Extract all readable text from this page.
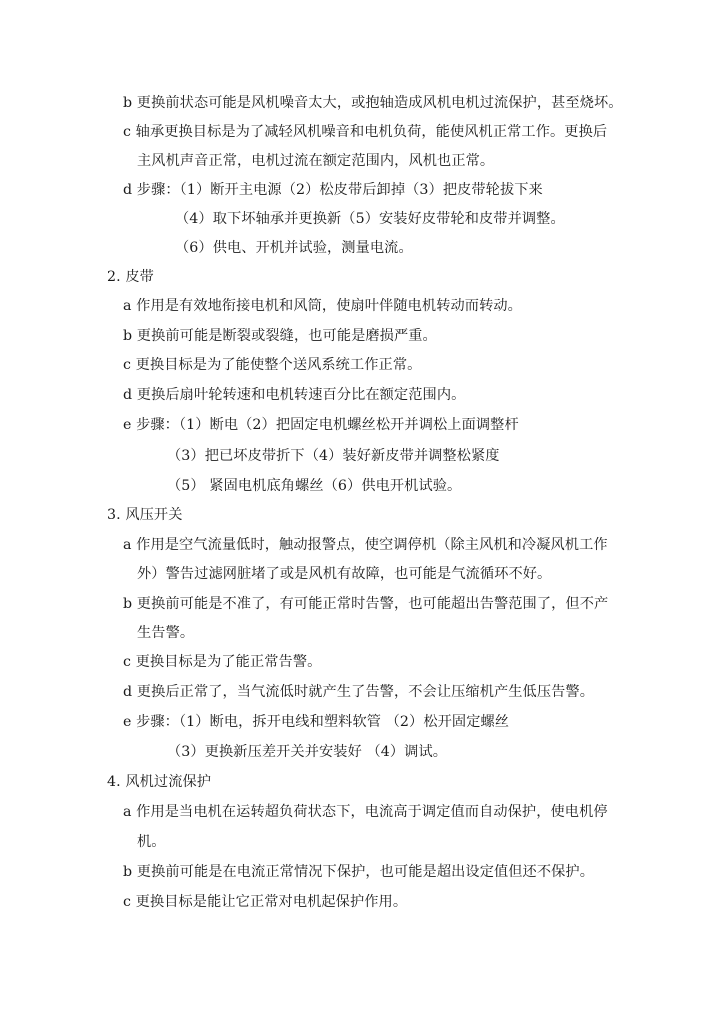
b 更换前状态可能是风机噪音太大，或抱轴造成风机电机过流保护，甚至烧坏。
c 轴承更换目标是为了减轻风机噪音和电机负荷，能使风机正常工作。更换后
主风机声音正常，电机过流在额定范围内，风机也正常。
d 步骤：（1）断开主电源（2）松皮带后卸掉（3）把皮带轮拔下来
（4）取下坏轴承并更换新（5）安装好皮带轮和皮带并调整。
（6）供电、开机并试验，测量电流。
2. 皮带
a 作用是有效地衔接电机和风筒，使扇叶伴随电机转动而转动。
b 更换前可能是断裂或裂缝，也可能是磨损严重。
c 更换目标是为了能使整个送风系统工作正常。
d 更换后扇叶轮转速和电机转速百分比在额定范围内。
e 步骤：（1）断电（2）把固定电机螺丝松开并调松上面调整杆
（3）把已坏皮带折下（4）装好新皮带并调整松紧度
（5） 紧固电机底角螺丝（6）供电开机试验。
3. 风压开关
a 作用是空气流量低时，触动报警点，使空调停机（除主风机和冷凝风机工作
外）警告过滤网脏堵了或是风机有故障，也可能是气流循环不好。
b 更换前可能是不准了，有可能正常时告警，也可能超出告警范围了，但不产
生告警。
c 更换目标是为了能正常告警。
d 更换后正常了，当气流低时就产生了告警，不会让压缩机产生低压告警。
e 步骤：（1）断电，拆开电线和塑料软管 （2）松开固定螺丝
（3）更换新压差开关并安装好 （4）调试。
4. 风机过流保护
a 作用是当电机在运转超负荷状态下，电流高于调定值而自动保护，使电机停
机。
b 更换前可能是在电流正常情况下保护，也可能是超出设定值但还不保护。
c 更换目标是能让它正常对电机起保护作用。
